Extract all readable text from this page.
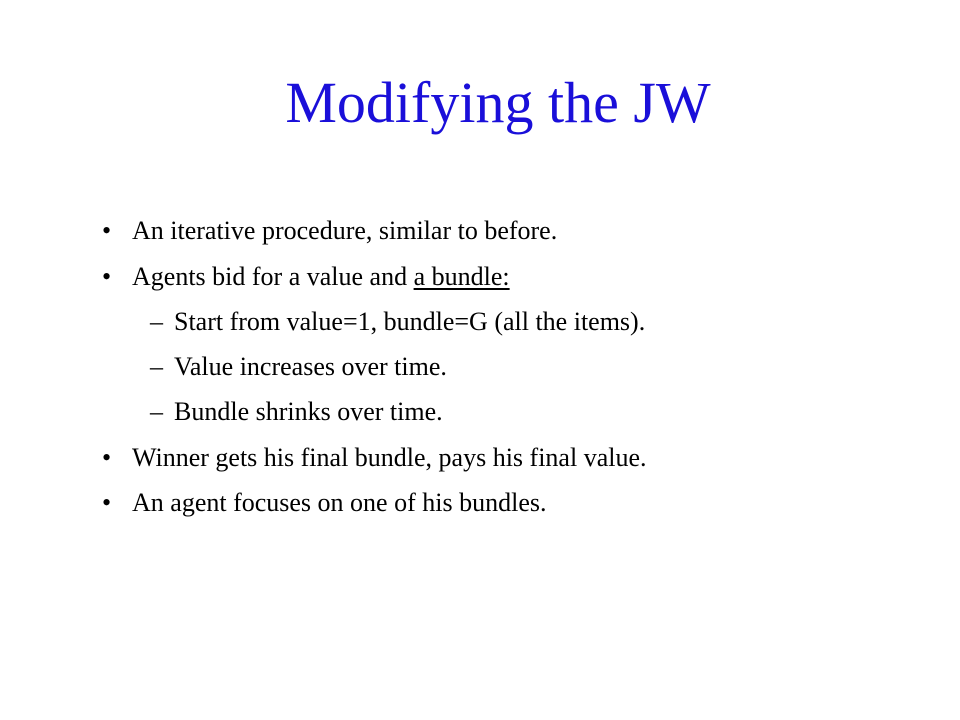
Modifying the JW
• An iterative procedure, similar to before.
• Agents bid for a value and a bundle:
– Start from value=1, bundle=G (all the items).
– Value increases over time.
– Bundle shrinks over time.
• Winner gets his final bundle, pays his final value.
• An agent focuses on one of his bundles.
